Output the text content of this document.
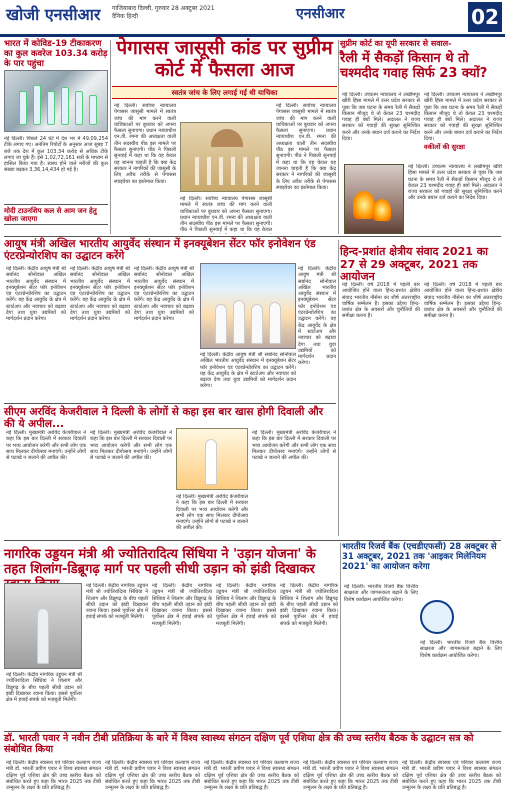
खोजी एनसीआर गाजियाबाद दिल्ली, गुरुवार 28 अक्टूबर 2021
दैनिक हिन्दी	एनसीआर	02
भारत में कोविड-19 टीकाकरण का कुल कवरेज 103.34 करोड़ के पार पहुंचा
नई दिल्ली। पिछले 24 घंटे में देश भर में 49,09,254 टीके लगाए गए। अनंतिम रिपोर्टों के अनुसार आज सुबह 7 बजे तक देश में कुल 103.34 करोड़ से अधिक टीके लगाए जा चुके हैं। इसे 1,02,72,161 सत्रों के माध्यम से हासिल किया गया है। स्वस्थ होने वाले मरीजों की कुल संख्या बढ़कर 3,36,14,434 हो गई है।
मोदी टाउनशिप कल से आम जन हेतु खोला जाएगा
पेगासस जासूसी कांड पर सुप्रीम कोर्ट में फैसला आज
स्वतंत्र जांच के लिए लगाई गई थी याचिका
नई दिल्ली। सर्वोच्च न्यायालय पेगासस जासूसी मामले में स्वतंत्र जांच की मांग करने वाली याचिकाओं पर बुधवार को अपना फैसला सुनाएगा। प्रधान न्यायाधीश एन.वी. रमना की अध्यक्षता वाली तीन सदस्यीय पीठ इस मामले पर फैसला सुनाएगी। पीठ ने पिछली सुनवाई में कहा था कि वह केवल यह जानना चाहती है कि क्या केंद्र सरकार ने नागरिकों की जासूसी के लिए अवैध तरीके से पेगासस स्पाइवेयर का इस्तेमाल किया।
नई दिल्ली। सर्वोच्च न्यायालय पेगासस जासूसी मामले में स्वतंत्र जांच की मांग करने वाली याचिकाओं पर बुधवार को अपना फैसला सुनाएगा। प्रधान न्यायाधीश एन.वी. रमना की अध्यक्षता वाली तीन सदस्यीय पीठ इस मामले पर फैसला सुनाएगी। पीठ ने पिछली सुनवाई में कहा था कि वह केवल
नई दिल्ली। सर्वोच्च न्यायालय पेगासस जासूसी मामले में स्वतंत्र जांच की मांग करने वाली याचिकाओं पर बुधवार को अपना फैसला सुनाएगा। प्रधान न्यायाधीश एन.वी. रमना की अध्यक्षता वाली तीन सदस्यीय पीठ इस मामले पर फैसला सुनाएगी। पीठ ने पिछली सुनवाई में कहा था कि वह केवल यह जानना चाहती है कि क्या केंद्र सरकार ने नागरिकों की जासूसी के लिए अवैध तरीके से पेगासस स्पाइवेयर का इस्तेमाल किया।
सुप्रीम कोर्ट का यूपी सरकार से सवाल-
रैली में सैकड़ों किसान थे तो चश्मदीद गवाह सिर्फ 23 क्यों?
नई दिल्ली। उच्चतम न्यायालय ने लखीमपुर खीरी हिंसा मामले में उत्तर प्रदेश सरकार से पूछा कि जब घटना के समय रैली में सैकड़ों किसान मौजूद थे तो केवल 23 चश्मदीद गवाह ही क्यों मिले। अदालत ने राज्य सरकार को गवाहों की सुरक्षा सुनिश्चित करने और उनके बयान दर्ज कराने का निर्देश दिया।
नई दिल्ली। उच्चतम न्यायालय ने लखीमपुर खीरी हिंसा मामले में उत्तर प्रदेश सरकार से पूछा कि जब घटना के समय रैली में सैकड़ों किसान मौजूद थे तो केवल 23 चश्मदीद गवाह ही क्यों मिले। अदालत ने राज्य सरकार को गवाहों की सुरक्षा सुनिश्चित करने और उनके बयान दर्ज कराने का निर्देश दिया।
वकीलों की सुरक्षा
नई दिल्ली। उच्चतम न्यायालय ने लखीमपुर खीरी हिंसा मामले में उत्तर प्रदेश सरकार से पूछा कि जब घटना के समय रैली में सैकड़ों किसान मौजूद थे तो केवल 23 चश्मदीद गवाह ही क्यों मिले। अदालत ने राज्य सरकार को गवाहों की सुरक्षा सुनिश्चित करने और उनके बयान दर्ज कराने का निर्देश दिया।
आयुष मंत्री अखिल भारतीय आयुर्वेद संस्थान में इनक्यूबेशन सेंटर फॉर इनोवेशन एंड एंटरप्रेन्योरशिप का उद्घाटन करेंगे
नई दिल्ली। केंद्रीय आयुष मंत्री श्री सर्बानंद सोनोवाल अखिल भारतीय आयुर्वेद संस्थान में इनक्यूबेशन सेंटर फॉर इनोवेशन एंड एंटरप्रेन्योरशिप का उद्घाटन करेंगे। यह केंद्र आयुर्वेद के क्षेत्र में स्टार्टअप और नवाचार को बढ़ावा देगा तथा युवा उद्यमियों को मार्गदर्शन प्रदान करेगा।
नई दिल्ली। केंद्रीय आयुष मंत्री श्री सर्बानंद सोनोवाल अखिल भारतीय आयुर्वेद संस्थान में इनक्यूबेशन सेंटर फॉर इनोवेशन एंड एंटरप्रेन्योरशिप का उद्घाटन करेंगे। यह केंद्र आयुर्वेद के क्षेत्र में स्टार्टअप और नवाचार को बढ़ावा देगा तथा युवा उद्यमियों को मार्गदर्शन प्रदान करेगा।
नई दिल्ली। केंद्रीय आयुष मंत्री श्री सर्बानंद सोनोवाल अखिल भारतीय आयुर्वेद संस्थान में इनक्यूबेशन सेंटर फॉर इनोवेशन एंड एंटरप्रेन्योरशिप का उद्घाटन करेंगे। यह केंद्र आयुर्वेद के क्षेत्र में स्टार्टअप और नवाचार को बढ़ावा देगा तथा युवा उद्यमियों को मार्गदर्शन प्रदान करेगा।
नई दिल्ली। केंद्रीय आयुष मंत्री श्री सर्बानंद सोनोवाल अखिल भारतीय आयुर्वेद संस्थान में इनक्यूबेशन सेंटर फॉर इनोवेशन एंड एंटरप्रेन्योरशिप का उद्घाटन करेंगे। यह केंद्र आयुर्वेद के क्षेत्र में स्टार्टअप और नवाचार को बढ़ावा देगा तथा युवा उद्यमियों को मार्गदर्शन प्रदान करेगा।
नई दिल्ली। केंद्रीय आयुष मंत्री श्री सर्बानंद सोनोवाल अखिल भारतीय आयुर्वेद संस्थान में इनक्यूबेशन सेंटर फॉर इनोवेशन एंड एंटरप्रेन्योरशिप का उद्घाटन करेंगे। यह केंद्र आयुर्वेद के क्षेत्र में स्टार्टअप और नवाचार को बढ़ावा देगा तथा युवा उद्यमियों को मार्गदर्शन प्रदान करेगा।
हिन्द-प्रशांत क्षेत्रीय संवाद 2021 का 27 से 29 अक्टूबर, 2021 तक आयोजन
नई दिल्ली। वर्ष 2018 में पहली बार आयोजित होने वाला हिन्द-प्रशांत क्षेत्रीय संवाद भारतीय नौसेना का शीर्ष अंतरराष्ट्रीय वार्षिक सम्मेलन है। इसका उद्देश्य हिन्द-प्रशांत क्षेत्र के अवसरों और चुनौतियों की समीक्षा करना है।
नई दिल्ली। वर्ष 2018 में पहली बार आयोजित होने वाला हिन्द-प्रशांत क्षेत्रीय संवाद भारतीय नौसेना का शीर्ष अंतरराष्ट्रीय वार्षिक सम्मेलन है। इसका उद्देश्य हिन्द-प्रशांत क्षेत्र के अवसरों और चुनौतियों की समीक्षा करना है।
सीएम अरविंद केजरीवाल ने दिल्ली के लोगों से कहा इस बार खास होगी दिवाली और की ये अपील...
नई दिल्ली। मुख्यमंत्री अरविंद केजरीवाल ने कहा कि इस बार दिल्ली में सरकार दिवाली पर भव्य आयोजन करेगी और सभी लोग एक साथ मिलकर दीपोत्सव मनाएंगे। उन्होंने लोगों से पटाखे न जलाने की अपील की।
नई दिल्ली। मुख्यमंत्री अरविंद केजरीवाल ने कहा कि इस बार दिल्ली में सरकार दिवाली पर भव्य आयोजन करेगी और सभी लोग एक साथ मिलकर दीपोत्सव मनाएंगे। उन्होंने लोगों से पटाखे न जलाने की अपील की।
नई दिल्ली। मुख्यमंत्री अरविंद केजरीवाल ने कहा कि इस बार दिल्ली में सरकार दिवाली पर भव्य आयोजन करेगी और सभी लोग एक साथ मिलकर दीपोत्सव मनाएंगे। उन्होंने लोगों से पटाखे न जलाने की अपील की।
नई दिल्ली। मुख्यमंत्री अरविंद केजरीवाल ने कहा कि इस बार दिल्ली में सरकार दिवाली पर भव्य आयोजन करेगी और सभी लोग एक साथ मिलकर दीपोत्सव मनाएंगे। उन्होंने लोगों से पटाखे न जलाने की अपील की।
नागरिक उड्डयन मंत्री श्री ज्योतिरादित्य सिंधिया ने 'उड़ान योजना' के तहत शिलांग-डिब्रूगढ़ मार्ग पर पहली सीधी उड़ान को झंडी दिखाकर
नई दिल्ली। केंद्रीय नागरिक उड्डयन मंत्री श्री ज्योतिरादित्य सिंधिया ने शिलांग और डिब्रूगढ़ के बीच पहली सीधी उड़ान को झंडी दिखाकर रवाना किया। इससे पूर्वोत्तर क्षेत्र में हवाई संपर्क को मजबूती मिलेगी।
नई दिल्ली। केंद्रीय नागरिक उड्डयन मंत्री श्री ज्योतिरादित्य सिंधिया ने शिलांग और डिब्रूगढ़ के बीच पहली सीधी उड़ान को झंडी दिखाकर रवाना किया। इससे पूर्वोत्तर क्षेत्र में हवाई संपर्क को मजबूती मिलेगी।
नई दिल्ली। केंद्रीय नागरिक उड्डयन मंत्री श्री ज्योतिरादित्य सिंधिया ने शिलांग और डिब्रूगढ़ के बीच पहली सीधी उड़ान को झंडी दिखाकर रवाना किया। इससे पूर्वोत्तर क्षेत्र में हवाई संपर्क को मजबूती मिलेगी।
नई दिल्ली। केंद्रीय नागरिक उड्डयन मंत्री श्री ज्योतिरादित्य सिंधिया ने शिलांग और डिब्रूगढ़ के बीच पहली सीधी उड़ान को झंडी दिखाकर रवाना किया। इससे पूर्वोत्तर क्षेत्र में हवाई संपर्क को मजबूती मिलेगी।
नई दिल्ली। केंद्रीय नागरिक उड्डयन मंत्री श्री ज्योतिरादित्य सिंधिया ने शिलांग और डिब्रूगढ़ के बीच पहली सीधी उड़ान को झंडी दिखाकर रवाना किया। इससे पूर्वोत्तर क्षेत्र में हवाई संपर्क को मजबूती मिलेगी।
भारतीय रिजर्व बैंक (एचडीएफसी) 28 अक्टूबर से 31 अक्टूबर, 2021 तक 'आइकर मिलेनियम 2021' का आयोजन करेगा
नई दिल्ली। भारतीय रिजर्व बैंक वित्तीय साक्षरता और जागरूकता बढ़ाने के लिए विशेष कार्यक्रम आयोजित करेगा।
नई दिल्ली। भारतीय रिजर्व बैंक वित्तीय साक्षरता और जागरूकता बढ़ाने के लिए विशेष कार्यक्रम आयोजित करेगा।
डॉ. भारती पवार ने नवीन टीबी प्रतिक्रिया के बारे में विश्व स्वास्थ्य संगठन दक्षिण पूर्व एशिया क्षेत्र की उच्च स्तरीय बैठक के उद्घाटन सत्र को संबोधित किया
नई दिल्ली। केंद्रीय स्वास्थ्य एवं परिवार कल्याण राज्य मंत्री डॉ. भारती प्रवीण पवार ने विश्व स्वास्थ्य संगठन दक्षिण पूर्व एशिया क्षेत्र की उच्च स्तरीय बैठक को संबोधित करते हुए कहा कि भारत 2025 तक टीबी उन्मूलन के लक्ष्य के प्रति प्रतिबद्ध है।
नई दिल्ली। केंद्रीय स्वास्थ्य एवं परिवार कल्याण राज्य मंत्री डॉ. भारती प्रवीण पवार ने विश्व स्वास्थ्य संगठन दक्षिण पूर्व एशिया क्षेत्र की उच्च स्तरीय बैठक को संबोधित करते हुए कहा कि भारत 2025 तक टीबी उन्मूलन के लक्ष्य के प्रति प्रतिबद्ध है।
नई दिल्ली। केंद्रीय स्वास्थ्य एवं परिवार कल्याण राज्य मंत्री डॉ. भारती प्रवीण पवार ने विश्व स्वास्थ्य संगठन दक्षिण पूर्व एशिया क्षेत्र की उच्च स्तरीय बैठक को संबोधित करते हुए कहा कि भारत 2025 तक टीबी उन्मूलन के लक्ष्य के प्रति प्रतिबद्ध है।
नई दिल्ली। केंद्रीय स्वास्थ्य एवं परिवार कल्याण राज्य मंत्री डॉ. भारती प्रवीण पवार ने विश्व स्वास्थ्य संगठन दक्षिण पूर्व एशिया क्षेत्र की उच्च स्तरीय बैठक को संबोधित करते हुए कहा कि भारत 2025 तक टीबी उन्मूलन के लक्ष्य के प्रति प्रतिबद्ध है।
नई दिल्ली। केंद्रीय स्वास्थ्य एवं परिवार कल्याण राज्य मंत्री डॉ. भारती प्रवीण पवार ने विश्व स्वास्थ्य संगठन दक्षिण पूर्व एशिया क्षेत्र की उच्च स्तरीय बैठक को संबोधित करते हुए कहा कि भारत 2025 तक टीबी उन्मूलन के लक्ष्य के प्रति प्रतिबद्ध है।
